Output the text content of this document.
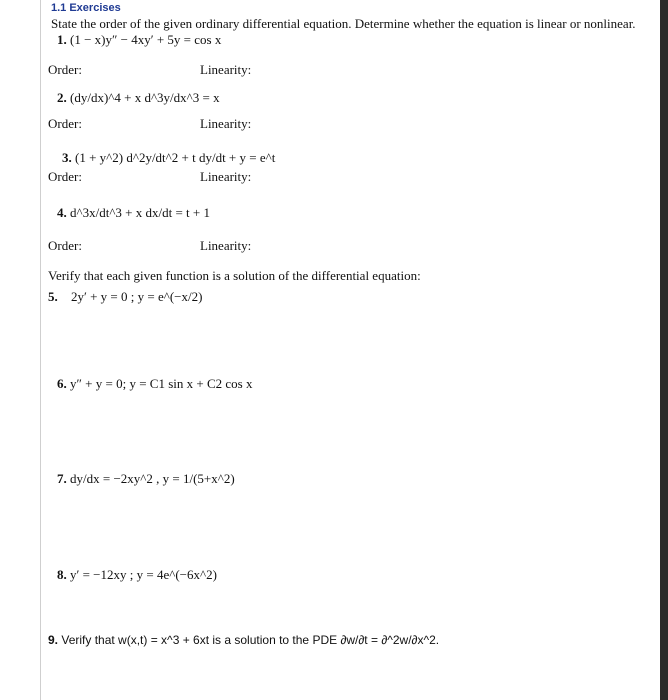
1.1 Exercises
State the order of the given ordinary differential equation. Determine whether the equation is linear or nonlinear.
1. (1 − x)y″ − 4xy′ + 5y = cos x
Order:	Linearity:
2. (dy/dx)^4 + x d^3y/dx^3 = x
Order:	Linearity:
3. (1 + y^2) d^2y/dt^2 + t dy/dt + y = e^t
Order:	Linearity:
4. d^3x/dt^3 + x dx/dt = t + 1
Order:	Linearity:
Verify that each given function is a solution of the differential equation:
5. 2y′ + y = 0 ; y = e^(−x/2)
6. y″ + y = 0; y = C1 sin x + C2 cos x
7. dy/dx = −2xy^2 , y = 1/(5+x^2)
8. y′ = −12xy ; y = 4e^(−6x^2)
9. Verify that w(x,t) = x^3 + 6xt is a solution to the PDE ∂w/∂t = ∂^2w/∂x^2.
